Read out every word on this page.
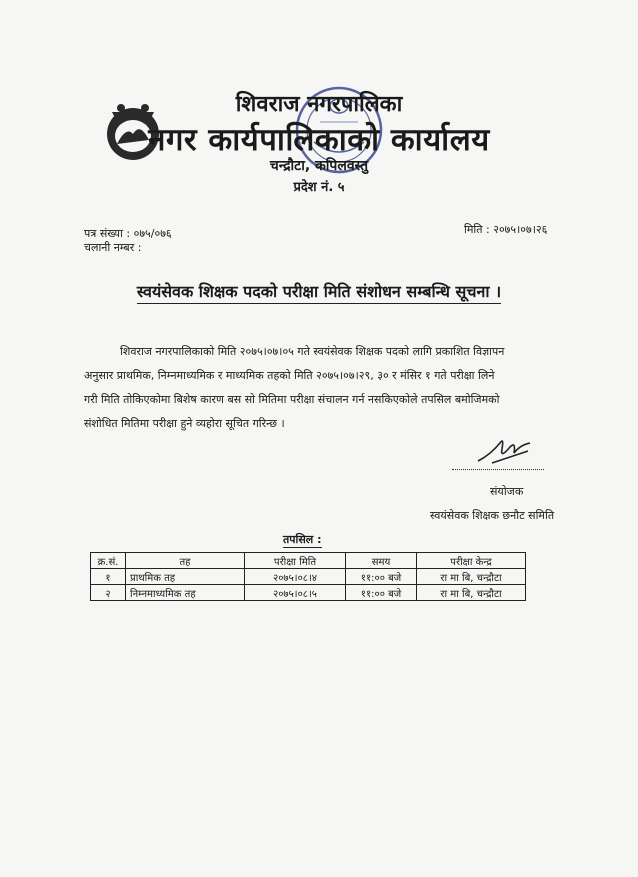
शिवराज नगरपालिका
नगर कार्यपालिकाको कार्यालय
चन्द्रौटा, कपिलवस्तु
प्रदेश नं. ५
पत्र संख्या : ०७५/०७६
चलानी नम्बर :
मिति : २०७५।०७।२६
स्वयंसेवक शिक्षक पदको परीक्षा मिति संशोधन सम्बन्धि सूचना ।
शिवराज नगरपालिकाको मिति २०७५।०७।०५ गते स्वयंसेवक शिक्षक पदको लागि प्रकाशित विज्ञापन
अनुसार प्राथमिक, निम्नमाध्यमिक र माध्यमिक तहको मिति २०७५।०७।२९, ३० र मंसिर १ गते परीक्षा लिने
गरी मिति तोकिएकोमा बिशेष कारण बस सो मितिमा परीक्षा संचालन गर्न नसकिएकोले तपसिल बमोजिमको
संशोधित मितिमा परीक्षा हुने व्यहोरा सूचित गरिन्छ ।
संयोजक
स्वयंसेवक शिक्षक छनौट समिति
तपसिल :
क्र.सं.	तह	परीक्षा मिति	समय	परीक्षा केन्द्र
१	प्राथमिक तह	२०७५।०८।४	११:०० बजे	रा मा बि, चन्द्रौटा
२	निम्नमाध्यमिक तह	२०७५।०८।५	११:०० बजे	रा मा बि, चन्द्रौटा
